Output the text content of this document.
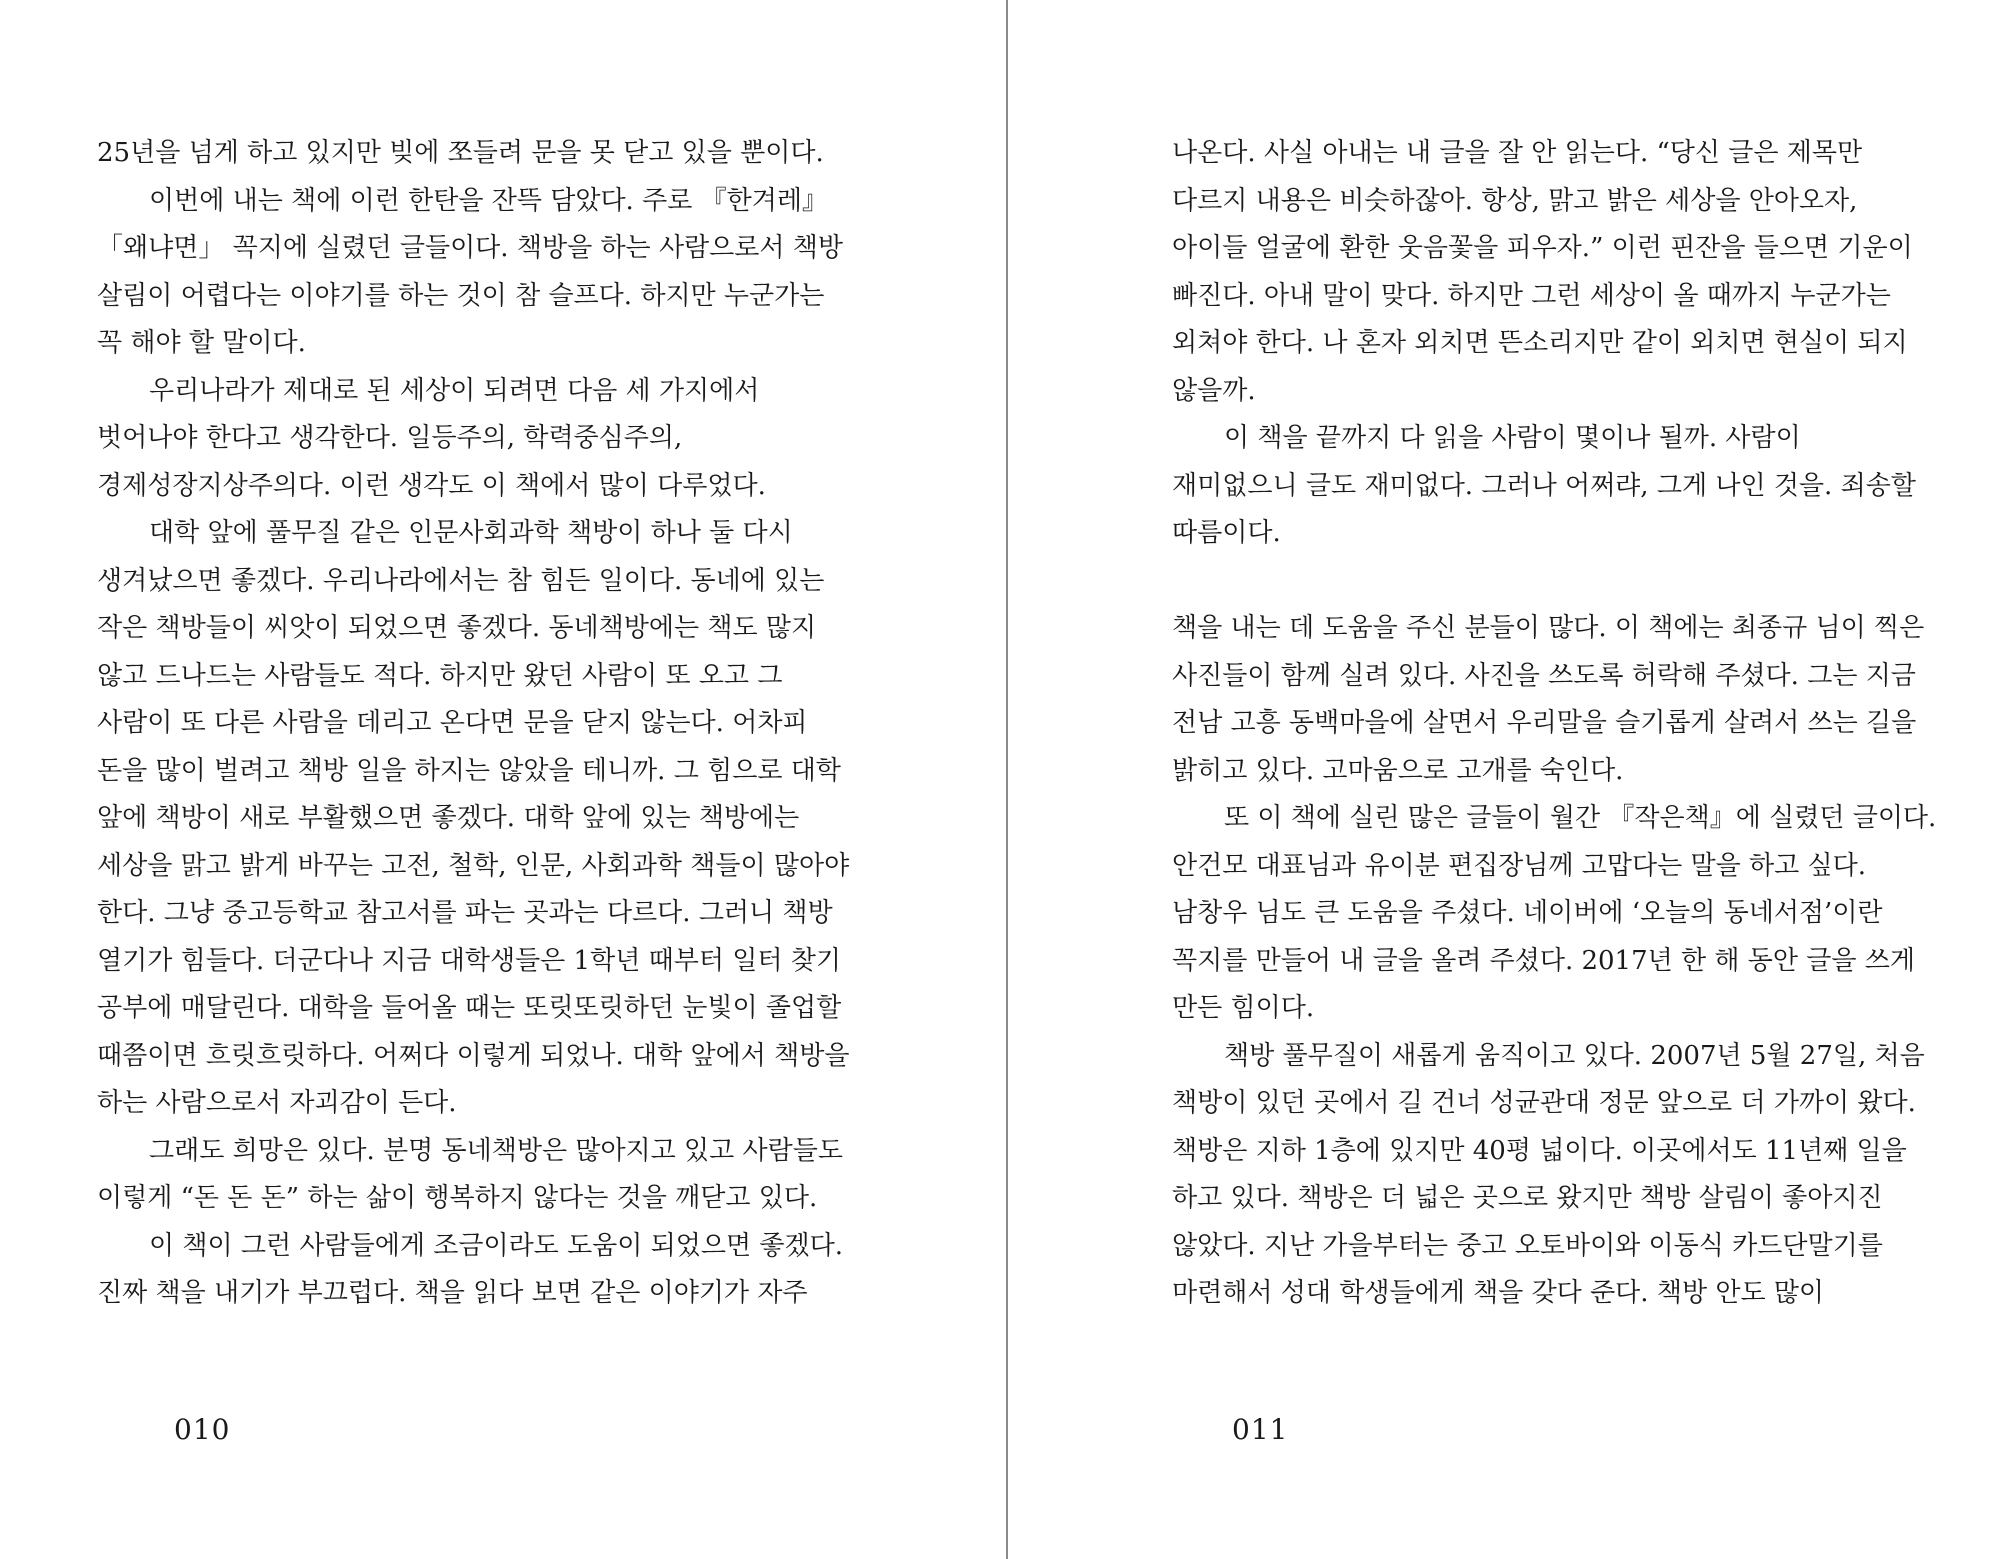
25년을 넘게 하고 있지만 빚에 쪼들려 문을 못 닫고 있을 뿐이다.
이번에 내는 책에 이런 한탄을 잔뜩 담았다. 주로 『한겨레』
「왜냐면」 꼭지에 실렸던 글들이다. 책방을 하는 사람으로서 책방
살림이 어렵다는 이야기를 하는 것이 참 슬프다. 하지만 누군가는
꼭 해야 할 말이다.
우리나라가 제대로 된 세상이 되려면 다음 세 가지에서
벗어나야 한다고 생각한다. 일등주의, 학력중심주의,
경제성장지상주의다. 이런 생각도 이 책에서 많이 다루었다.
대학 앞에 풀무질 같은 인문사회과학 책방이 하나 둘 다시
생겨났으면 좋겠다. 우리나라에서는 참 힘든 일이다. 동네에 있는
작은 책방들이 씨앗이 되었으면 좋겠다. 동네책방에는 책도 많지
않고 드나드는 사람들도 적다. 하지만 왔던 사람이 또 오고 그
사람이 또 다른 사람을 데리고 온다면 문을 닫지 않는다. 어차피
돈을 많이 벌려고 책방 일을 하지는 않았을 테니까. 그 힘으로 대학
앞에 책방이 새로 부활했으면 좋겠다. 대학 앞에 있는 책방에는
세상을 맑고 밝게 바꾸는 고전, 철학, 인문, 사회과학 책들이 많아야
한다. 그냥 중고등학교 참고서를 파는 곳과는 다르다. 그러니 책방
열기가 힘들다. 더군다나 지금 대학생들은 1학년 때부터 일터 찾기
공부에 매달린다. 대학을 들어올 때는 또릿또릿하던 눈빛이 졸업할
때쯤이면 흐릿흐릿하다. 어쩌다 이렇게 되었나. 대학 앞에서 책방을
하는 사람으로서 자괴감이 든다.
그래도 희망은 있다. 분명 동네책방은 많아지고 있고 사람들도
이렇게 “돈 돈 돈” 하는 삶이 행복하지 않다는 것을 깨닫고 있다.
이 책이 그런 사람들에게 조금이라도 도움이 되었으면 좋겠다.
진짜 책을 내기가 부끄럽다. 책을 읽다 보면 같은 이야기가 자주
010
나온다. 사실 아내는 내 글을 잘 안 읽는다. “당신 글은 제목만
다르지 내용은 비슷하잖아. 항상, 맑고 밝은 세상을 안아오자,
아이들 얼굴에 환한 웃음꽃을 피우자.” 이런 핀잔을 들으면 기운이
빠진다. 아내 말이 맞다. 하지만 그런 세상이 올 때까지 누군가는
외쳐야 한다. 나 혼자 외치면 뜬소리지만 같이 외치면 현실이 되지
않을까.
이 책을 끝까지 다 읽을 사람이 몇이나 될까. 사람이
재미없으니 글도 재미없다. 그러나 어쩌랴, 그게 나인 것을. 죄송할
따름이다.
책을 내는 데 도움을 주신 분들이 많다. 이 책에는 최종규 님이 찍은
사진들이 함께 실려 있다. 사진을 쓰도록 허락해 주셨다. 그는 지금
전남 고흥 동백마을에 살면서 우리말을 슬기롭게 살려서 쓰는 길을
밝히고 있다. 고마움으로 고개를 숙인다.
또 이 책에 실린 많은 글들이 월간 『작은책』에 실렸던 글이다.
안건모 대표님과 유이분 편집장님께 고맙다는 말을 하고 싶다.
남창우 님도 큰 도움을 주셨다. 네이버에 ‘오늘의 동네서점’이란
꼭지를 만들어 내 글을 올려 주셨다. 2017년 한 해 동안 글을 쓰게
만든 힘이다.
책방 풀무질이 새롭게 움직이고 있다. 2007년 5월 27일, 처음
책방이 있던 곳에서 길 건너 성균관대 정문 앞으로 더 가까이 왔다.
책방은 지하 1층에 있지만 40평 넓이다. 이곳에서도 11년째 일을
하고 있다. 책방은 더 넓은 곳으로 왔지만 책방 살림이 좋아지진
않았다. 지난 가을부터는 중고 오토바이와 이동식 카드단말기를
마련해서 성대 학생들에게 책을 갖다 준다. 책방 안도 많이
011
